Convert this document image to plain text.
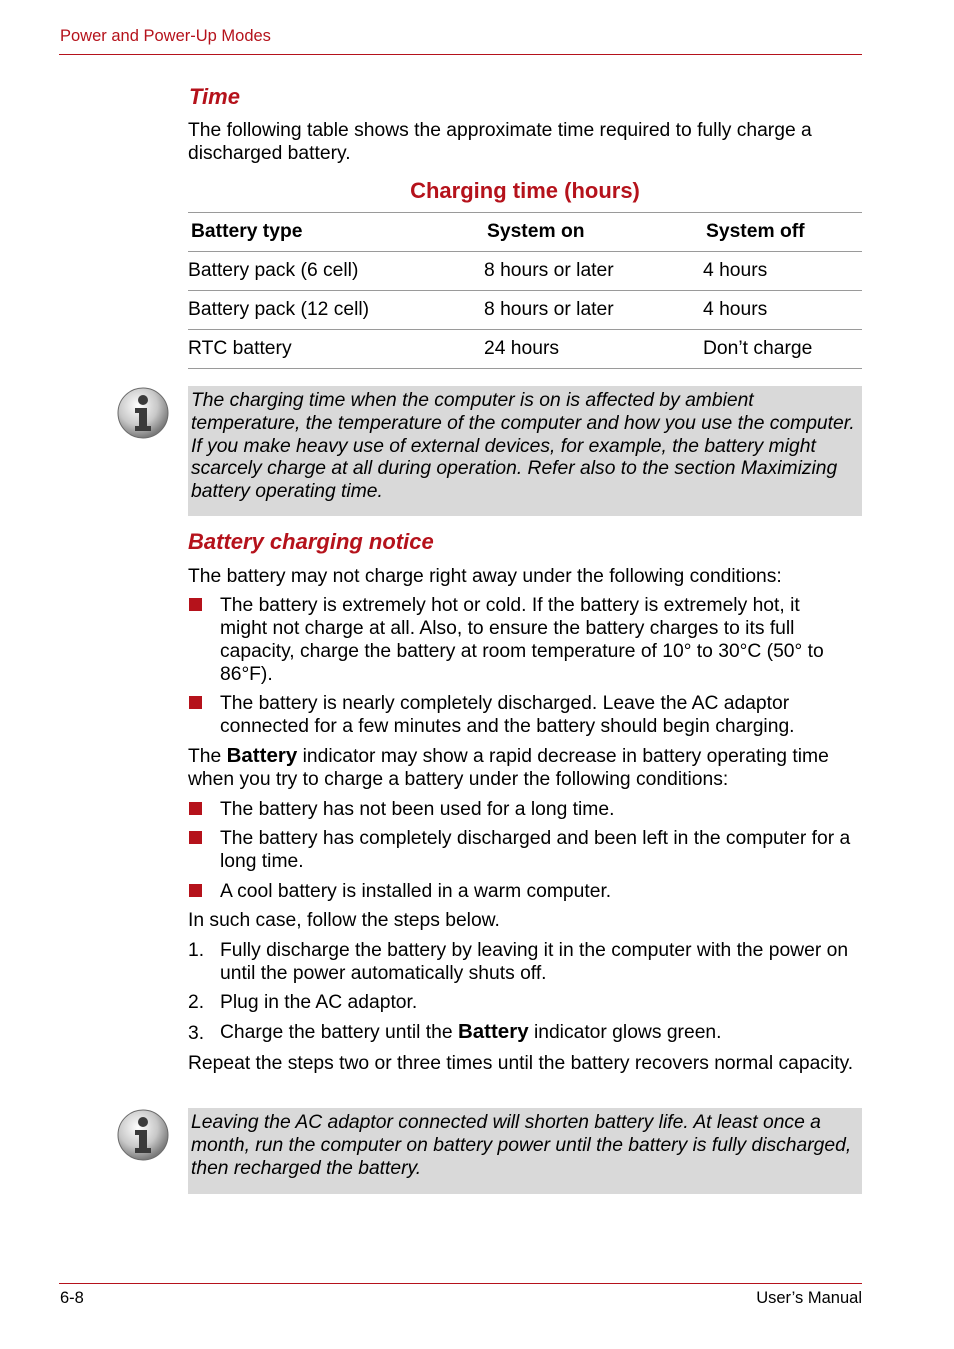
Power and Power-Up Modes
Time
The following table shows the approximate time required to fully charge a discharged battery.
Charging time (hours)
Battery type	System on	System off
Battery pack (6 cell)	8 hours or later	4 hours
Battery pack (12 cell)	8 hours or later	4 hours
RTC battery	24 hours	Don’t charge
The charging time when the computer is on is affected by ambient temperature, the temperature of the computer and how you use the computer. If you make heavy use of external devices, for example, the battery might scarcely charge at all during operation. Refer also to the section Maximizing battery operating time.
Battery charging notice
The battery may not charge right away under the following conditions:
The battery is extremely hot or cold. If the battery is extremely hot, it might not charge at all. Also, to ensure the battery charges to its full capacity, charge the battery at room temperature of 10° to 30°C (50° to 86°F).
The battery is nearly completely discharged. Leave the AC adaptor connected for a few minutes and the battery should begin charging.
The Battery indicator may show a rapid decrease in battery operating time when you try to charge a battery under the following conditions:
The battery has not been used for a long time.
The battery has completely discharged and been left in the computer for a long time.
A cool battery is installed in a warm computer.
In such case, follow the steps below.
1. Fully discharge the battery by leaving it in the computer with the power on until the power automatically shuts off.
2. Plug in the AC adaptor.
3. Charge the battery until the Battery indicator glows green.
Repeat the steps two or three times until the battery recovers normal capacity.
Leaving the AC adaptor connected will shorten battery life. At least once a month, run the computer on battery power until the battery is fully discharged, then recharged the battery.
6-8	User’s Manual
